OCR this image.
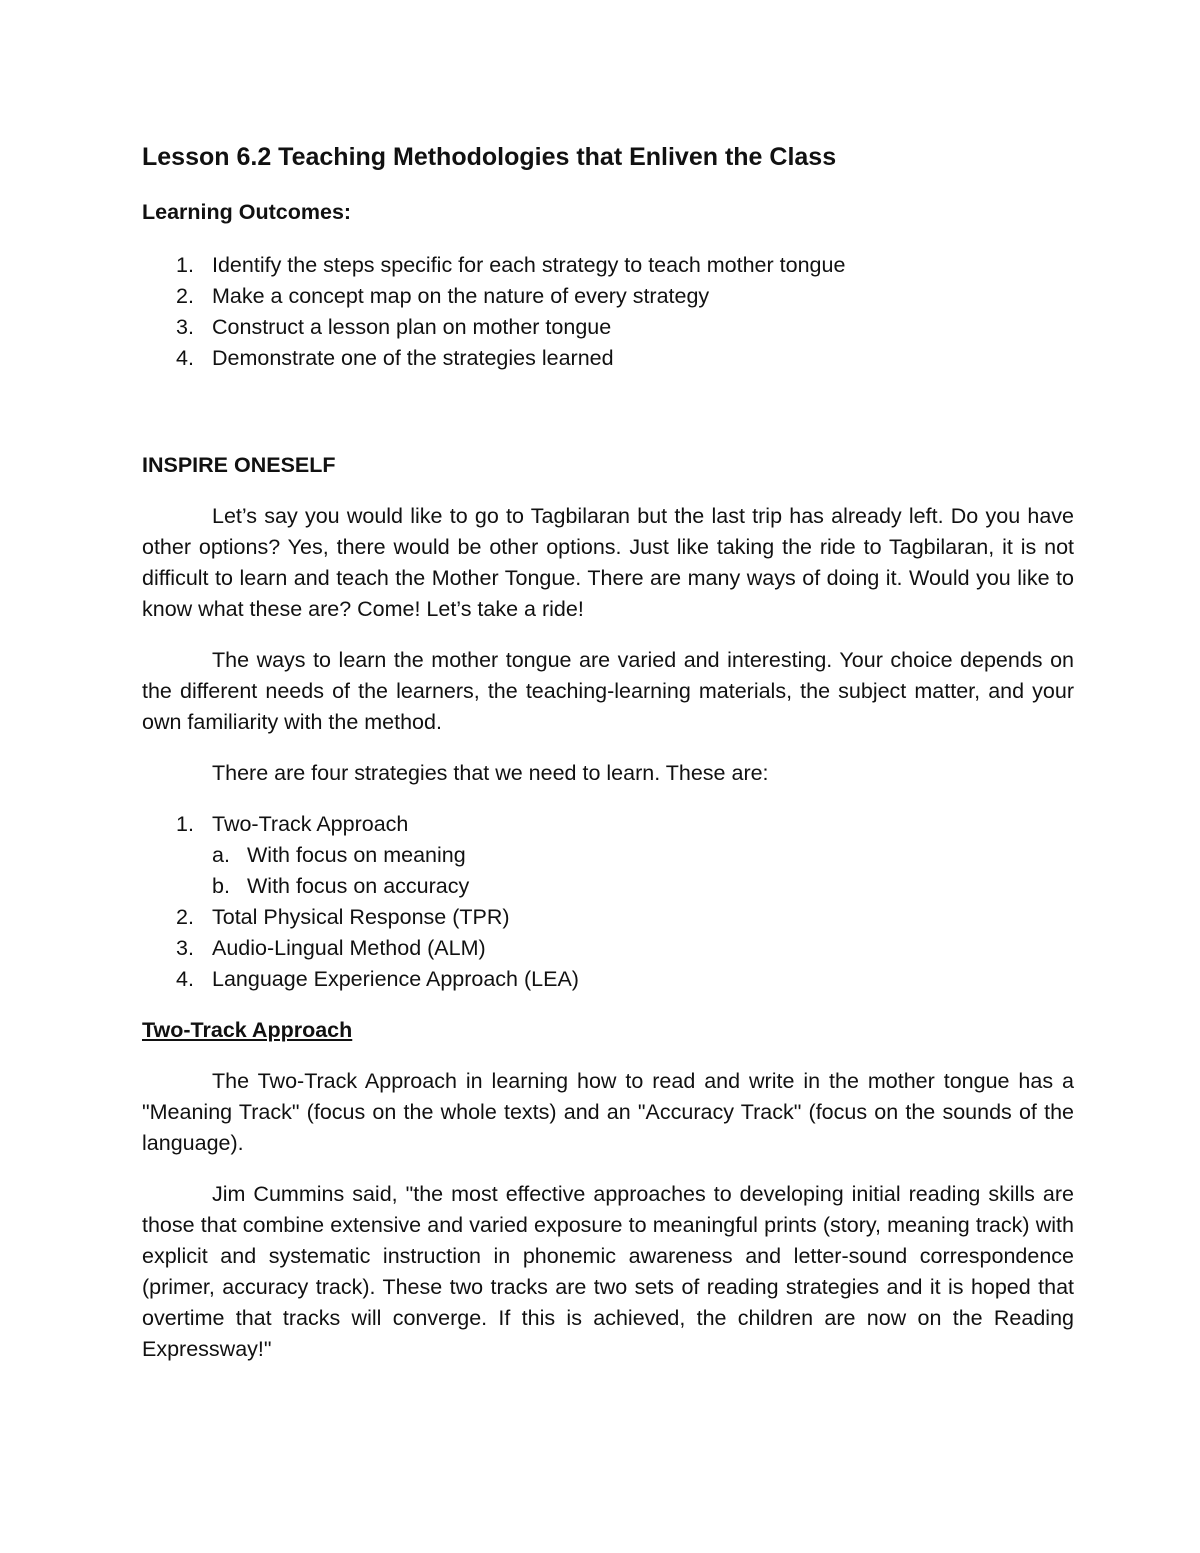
Lesson 6.2 Teaching Methodologies that Enliven the Class
Learning Outcomes:
1. Identify the steps specific for each strategy to teach mother tongue
2. Make a concept map on the nature of every strategy
3. Construct a lesson plan on mother tongue
4. Demonstrate one of the strategies learned
INSPIRE ONESELF

Let’s say you would like to go to Tagbilaran but the last trip has already left. Do you have other options? Yes, there would be other options. Just like taking the ride to Tagbilaran, it is not difficult to learn and teach the Mother Tongue. There are many ways of doing it. Would you like to know what these are? Come! Let’s take a ride!

The ways to learn the mother tongue are varied and interesting. Your choice depends on the different needs of the learners, the teaching-learning materials, the subject matter, and your own familiarity with the method.

There are four strategies that we need to learn. These are:

1. Two-Track Approach
a. With focus on meaning
b. With focus on accuracy
2. Total Physical Response (TPR)
3. Audio-Lingual Method (ALM)
4. Language Experience Approach (LEA)
Two-Track Approach

The Two-Track Approach in learning how to read and write in the mother tongue has a "Meaning Track" (focus on the whole texts) and an "Accuracy Track" (focus on the sounds of the language).

Jim Cummins said, "the most effective approaches to developing initial reading skills are those that combine extensive and varied exposure to meaningful prints (story, meaning track) with explicit and systematic instruction in phonemic awareness and letter-sound correspondence (primer, accuracy track). These two tracks are two sets of reading strategies and it is hoped that overtime that tracks will converge. If this is achieved, the children are now on the Reading Expressway!"
